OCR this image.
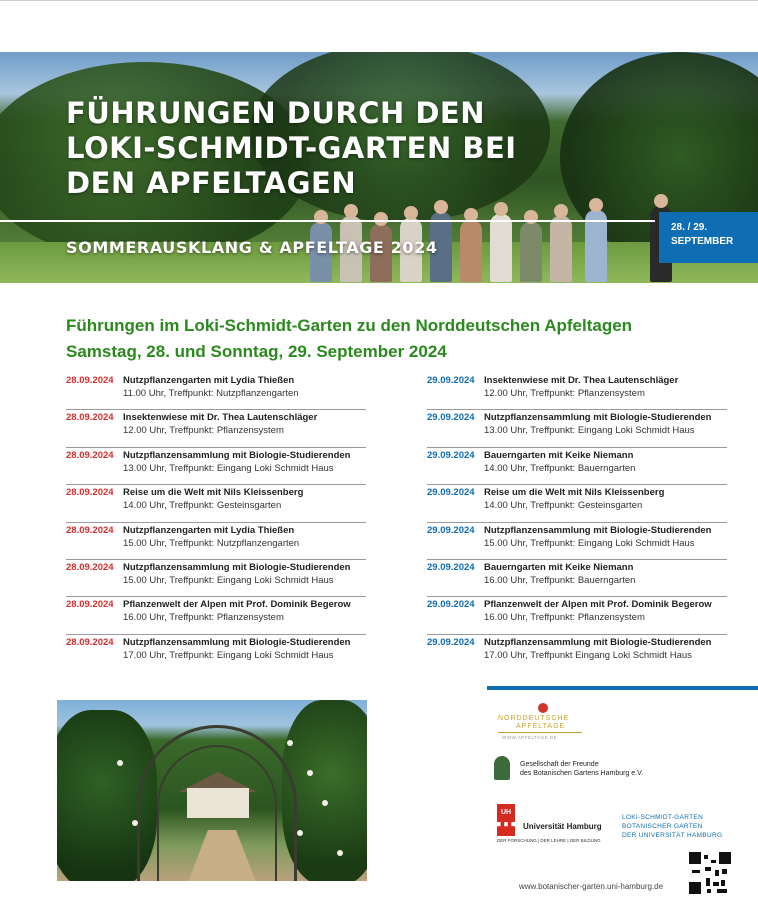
FÜHRUNGEN DURCH DEN
LOKI-SCHMIDT-GARTEN BEI
DEN APFELTAGEN
SOMMERAUSKLANG & APFELTAGE 2024
28. / 29.
SEPTEMBER
Führungen im Loki-Schmidt-Garten zu den Norddeutschen Apfeltagen
Samstag, 28. und Sonntag, 29. September 2024
28.09.2024 Nutzpflanzengarten mit Lydia Thießen
11.00 Uhr, Treffpunkt: Nutzpflanzengarten
28.09.2024 Insektenwiese mit Dr. Thea Lautenschläger
12.00 Uhr, Treffpunkt: Pflanzensystem
28.09.2024 Nutzpflanzensammlung mit Biologie-Studierenden
13.00 Uhr, Treffpunkt: Eingang Loki Schmidt Haus
28.09.2024 Reise um die Welt mit Nils Kleissenberg
14.00 Uhr, Treffpunkt: Gesteinsgarten
28.09.2024 Nutzpflanzengarten mit Lydia Thießen
15.00 Uhr, Treffpunkt: Nutzpflanzengarten
28.09.2024 Nutzpflanzensammlung mit Biologie-Studierenden
15.00 Uhr, Treffpunkt: Eingang Loki Schmidt Haus
28.09.2024 Pflanzenwelt der Alpen mit Prof. Dominik Begerow
16.00 Uhr, Treffpunkt: Pflanzensystem
28.09.2024 Nutzpflanzensammlung mit Biologie-Studierenden
17.00 Uhr, Treffpunkt: Eingang Loki Schmidt Haus
29.09.2024 Insektenwiese mit Dr. Thea Lautenschläger
12.00 Uhr, Treffpunkt: Pflanzensystem
29.09.2024 Nutzpflanzensammlung mit Biologie-Studierenden
13.00 Uhr, Treffpunkt: Eingang Loki Schmidt Haus
29.09.2024 Bauerngarten mit Keike Niemann
14.00 Uhr, Treffpunkt: Bauerngarten
29.09.2024 Reise um die Welt mit Nils Kleissenberg
14.00 Uhr, Treffpunkt: Gesteinsgarten
29.09.2024 Nutzpflanzensammlung mit Biologie-Studierenden
15.00 Uhr, Treffpunkt: Eingang Loki Schmidt Haus
29.09.2024 Bauerngarten mit Keike Niemann
16.00 Uhr, Treffpunkt: Bauerngarten
29.09.2024 Pflanzenwelt der Alpen mit Prof. Dominik Begerow
16.00 Uhr, Treffpunkt: Pflanzensystem
29.09.2024 Nutzpflanzensammlung mit Biologie-Studierenden
17.00 Uhr, Treffpunkt Eingang Loki Schmidt Haus
NORDDEUTSCHE
APFELTAGE
WWW.APFELTAGE.DE
Gesellschaft der Freunde
des Botanischen Gartens Hamburg e.V.
UH
Universität Hamburg
DER FORSCHUNG | DER LEHRE | DER BILDUNG
LOKI-SCHMIDT-GARTEN
BOTANISCHER GARTEN
DER UNIVERSITÄT HAMBURG
www.botanischer-garten.uni-hamburg.de
